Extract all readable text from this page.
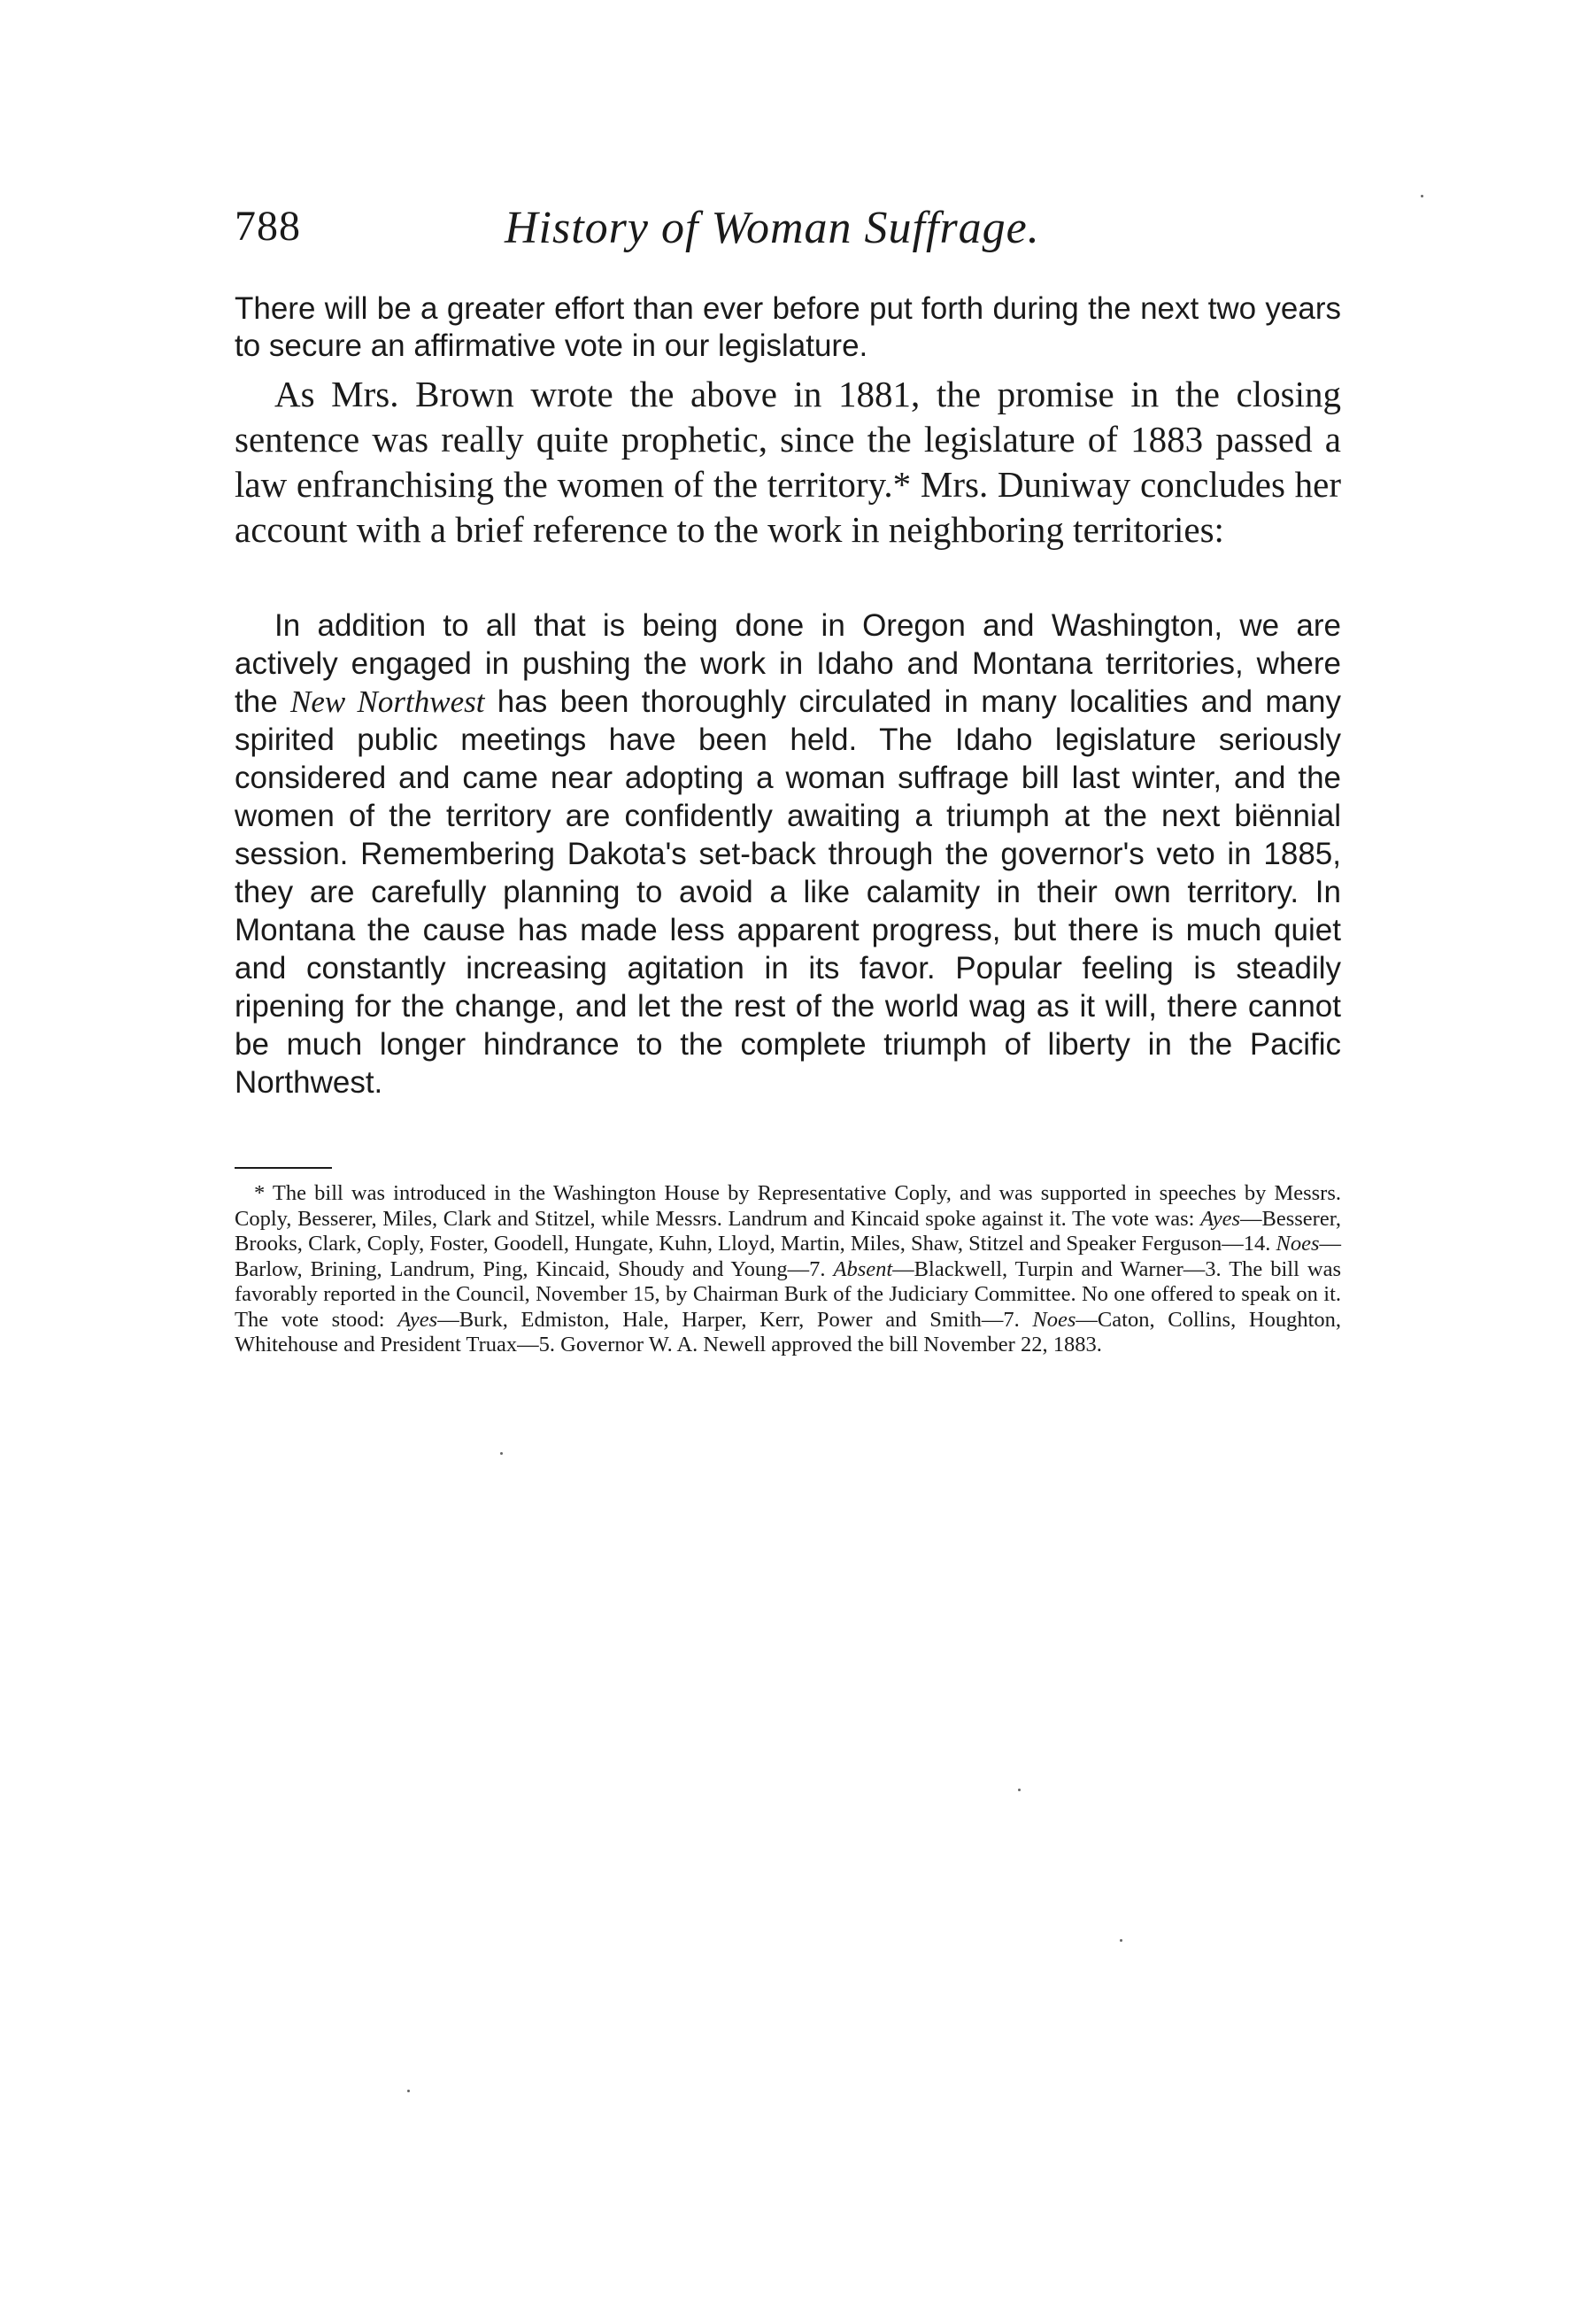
788	History of Woman Suffrage.
There will be a greater effort than ever before put forth during the next two years to secure an affirmative vote in our legislature.
As Mrs. Brown wrote the above in 1881, the promise in the closing sentence was really quite prophetic, since the legislature of 1883 passed a law enfranchising the women of the territory.* Mrs. Duniway concludes her account with a brief reference to the work in neighboring territories:
In addition to all that is being done in Oregon and Washington, we are actively engaged in pushing the work in Idaho and Montana territories, where the New Northwest has been thoroughly circulated in many localities and many spirited public meetings have been held. The Idaho legislature seriously considered and came near adopting a woman suffrage bill last winter, and the women of the territory are confidently awaiting a triumph at the next biënnial session. Remembering Dakota's set-back through the governor's veto in 1885, they are carefully planning to avoid a like calamity in their own territory. In Montana the cause has made less apparent progress, but there is much quiet and constantly increasing agitation in its favor. Popular feeling is steadily ripening for the change, and let the rest of the world wag as it will, there cannot be much longer hindrance to the complete triumph of liberty in the Pacific Northwest.
* The bill was introduced in the Washington House by Representative Coply, and was supported in speeches by Messrs. Coply, Besserer, Miles, Clark and Stitzel, while Messrs. Landrum and Kincaid spoke against it. The vote was: Ayes—Besserer, Brooks, Clark, Coply, Foster, Goodell, Hungate, Kuhn, Lloyd, Martin, Miles, Shaw, Stitzel and Speaker Ferguson—14. Noes—Barlow, Brining, Landrum, Ping, Kincaid, Shoudy and Young—7. Absent—Blackwell, Turpin and Warner—3. The bill was favorably reported in the Council, November 15, by Chairman Burk of the Judiciary Committee. No one offered to speak on it. The vote stood: Ayes—Burk, Edmiston, Hale, Harper, Kerr, Power and Smith—7. Noes—Caton, Collins, Houghton, Whitehouse and President Truax—5. Governor W. A. Newell approved the bill November 22, 1883.
